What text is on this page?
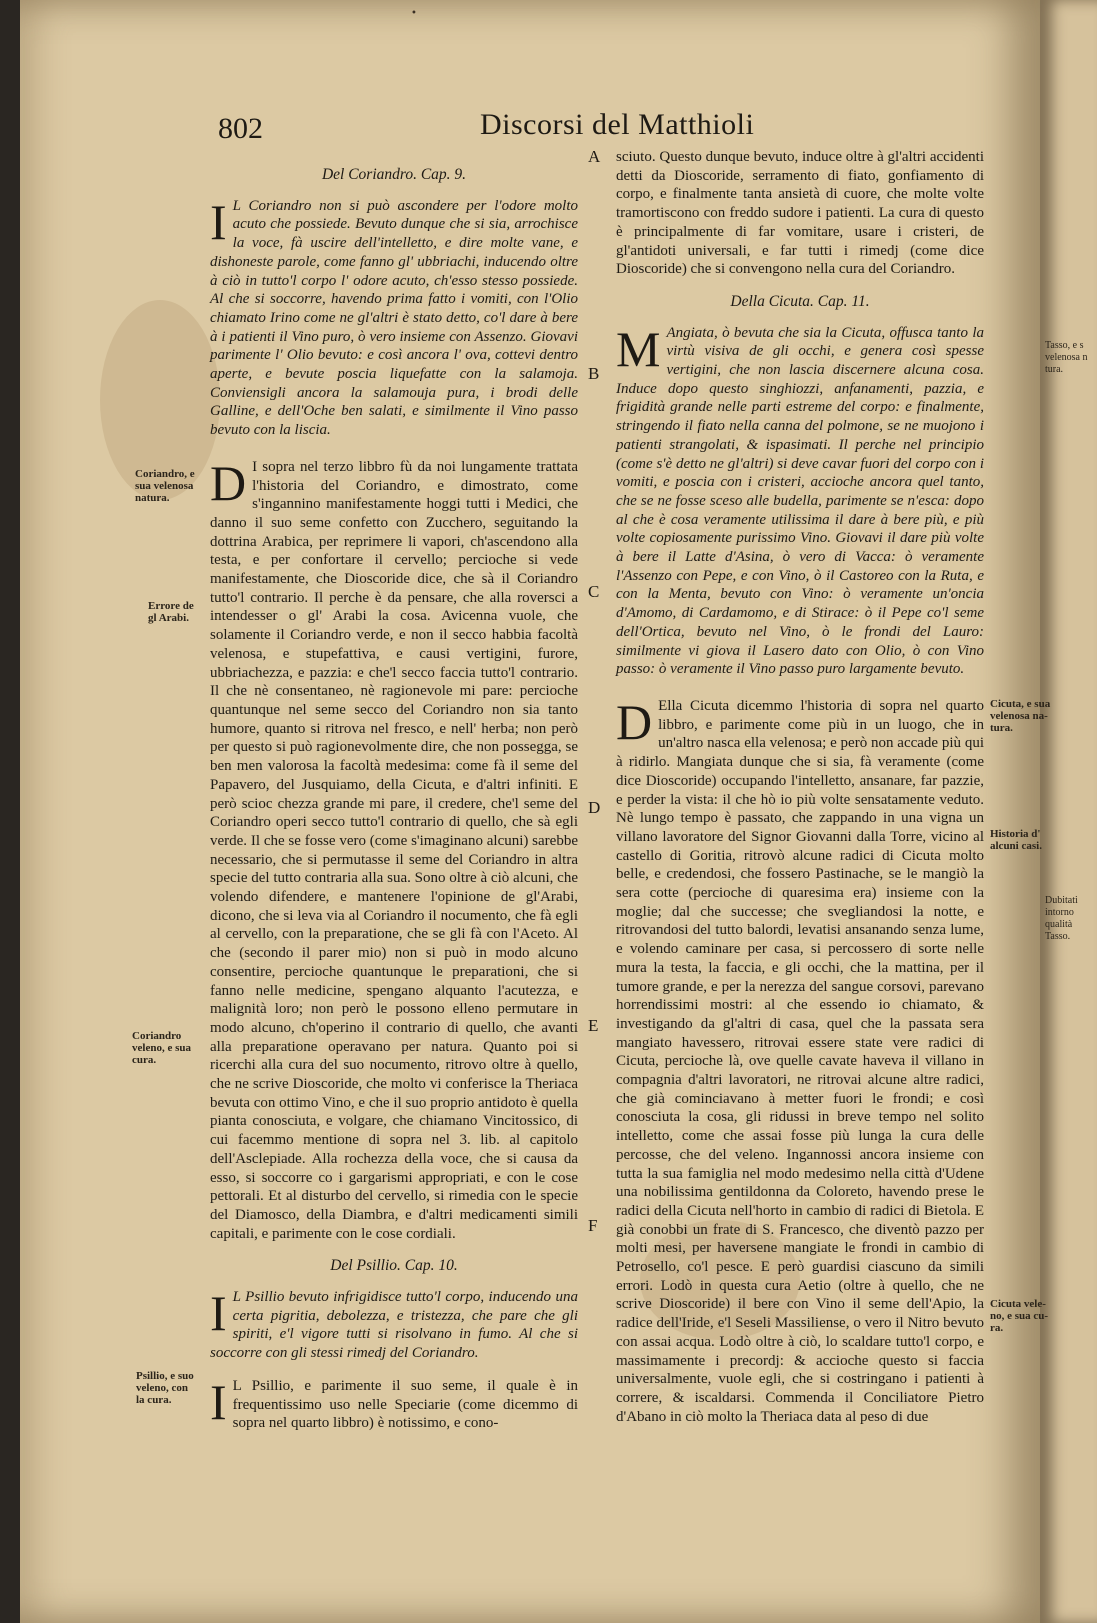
Tasso, e s
velenosa n
tura.
Dubitati
intorno
qualità
Tasso.
•
802	Discorsi del Matthioli
Del Coriandro. Cap. 9.

I L Coriandro non si può ascondere per l'odore molto acuto che possiede. Bevuto dunque che si sia, arrochisce la voce, fà uscire dell'intelletto, e dire molte vane, e dishoneste parole, come fanno gl' ubbriachi, inducendo oltre à ciò in tutto'l corpo l' odore acuto, ch'esso stesso possiede. Al che si soccorre, havendo prima fatto i vomiti, con l'Olio chiamato Irino come ne gl'altri è stato detto, co'l dare à bere à i patienti il Vino puro, ò vero insieme con Assenzo. Giovavi parimente l' Olio bevuto: e così ancora l' ova, cottevi dentro aperte, e bevute poscia liquefatte con la salamoja. Conviensigli ancora la salamouja pura, i brodi delle Galline, e dell'Oche ben salati, e similmente il Vino passo bevuto con la liscia.

D I sopra nel terzo libbro fù da noi lungamente trattata l'historia del Coriandro, e dimostrato, come s'ingannino manifestamente hoggi tutti i Medici, che danno il suo seme confetto con Zucchero, seguitando la dottrina Arabica, per reprimere li vapori, ch'ascendono alla testa, e per confortare il cervello; percioche si vede manifestamente, che Dioscoride dice, che sà il Coriandro tutto'l contrario. Il perche è da pensare, che alla roversci a intendesser o gl' Arabi la cosa. Avicenna vuole, che solamente il Coriandro verde, e non il secco habbia facoltà velenosa, e stupefattiva, e causi vertigini, furore, ubbriachezza, e pazzia: e che'l secco faccia tutto'l contrario. Il che nè consentaneo, nè ragionevole mi pare: percioche quantunque nel seme secco del Coriandro non sia tanto humore, quanto si ritrova nel fresco, e nell' herba; non però per questo si può ragionevolmente dire, che non possegga, se ben men valorosa la facoltà medesima: come fà il seme del Papavero, del Jusquiamo, della Cicuta, e d'altri infiniti. E però scioc chezza grande mi pare, il credere, che'l seme del Coriandro operi secco tutto'l contrario di quello, che sà egli verde. Il che se fosse vero (come s'imaginano alcuni) sarebbe necessario, che si permutasse il seme del Coriandro in altra specie del tutto contraria alla sua. Sono oltre à ciò alcuni, che volendo difendere, e mantenere l'opinione de gl'Arabi, dicono, che si leva via al Coriandro il nocumento, che fà egli al cervello, con la preparatione, che se gli fà con l'Aceto. Al che (secondo il parer mio) non si può in modo alcuno consentire, percioche quantunque le preparationi, che si fanno nelle medicine, spengano alquanto l'acutezza, e malignità loro; non però le possono elleno permutare in modo alcuno, ch'operino il contrario di quello, che avanti alla preparatione operavano per natura. Quanto poi si ricerchi alla cura del suo nocumento, ritrovo oltre à quello, che ne scrive Dioscoride, che molto vi conferisce la Theriaca bevuta con ottimo Vino, e che il suo proprio antidoto è quella pianta conosciuta, e volgare, che chiamano Vincitossico, di cui facemmo mentione di sopra nel 3. lib. al capitolo dell'Asclepiade. Alla rochezza della voce, che si causa da esso, si soccorre co i gargarismi appropriati, e con le cose pettorali. Et al disturbo del cervello, si rimedia con le specie del Diamosco, della Diambra, e d'altri medicamenti simili capitali, e parimente con le cose cordiali.

Del Psillio. Cap. 10.

I L Psillio bevuto infrigidisce tutto'l corpo, inducendo una certa pigritia, debolezza, e tristezza, che pare che gli spiriti, e'l vigore tutti si risolvano in fumo. Al che si soccorre con gli stessi rimedj del Coriandro.

I L Psillio, e parimente il suo seme, il quale è in frequentissimo uso nelle Speciarie (come dicemmo di sopra nel quarto libbro) è notissimo, e cono-

sciuto. Questo dunque bevuto, induce oltre à gl'altri accidenti detti da Dioscoride, serramento di fiato, gonfiamento di corpo, e finalmente tanta ansietà di cuore, che molte volte tramortiscono con freddo sudore i patienti. La cura di questo è principalmente di far vomitare, usare i cristeri, de gl'antidoti universali, e far tutti i rimedj (come dice Dioscoride) che si convengono nella cura del Coriandro.

Della Cicuta. Cap. 11.

M Angiata, ò bevuta che sia la Cicuta, offusca tanto la virtù visiva de gli occhi, e genera così spesse vertigini, che non lascia discernere alcuna cosa. Induce dopo questo singhiozzi, anfanamenti, pazzia, e frigidità grande nelle parti estreme del corpo: e finalmente, stringendo il fiato nella canna del polmone, se ne muojono i patienti strangolati, & ispasimati. Il perche nel principio (come s'è detto ne gl'altri) si deve cavar fuori del corpo con i vomiti, e poscia con i cristeri, accioche ancora quel tanto, che se ne fosse sceso alle budella, parimente se n'esca: dopo al che è cosa veramente utilissima il dare à bere più, e più volte copiosamente purissimo Vino. Giovavi il dare più volte à bere il Latte d'Asina, ò vero di Vacca: ò veramente l'Assenzo con Pepe, e con Vino, ò il Castoreo con la Ruta, e con la Menta, bevuto con Vino: ò veramente un'oncia d'Amomo, di Cardamomo, e di Stirace: ò il Pepe co'l seme dell'Ortica, bevuto nel Vino, ò le frondi del Lauro: similmente vi giova il Lasero dato con Olio, ò con Vino passo: ò veramente il Vino passo puro largamente bevuto.

D Ella Cicuta dicemmo l'historia di sopra nel quarto libbro, e parimente come più in un luogo, che in un'altro nasca ella velenosa; e però non accade più qui à ridirlo. Mangiata dunque che si sia, fà veramente (come dice Dioscoride) occupando l'intelletto, ansanare, far pazzie, e perder la vista: il che hò io più volte sensatamente veduto. Nè lungo tempo è passato, che zappando in una vigna un villano lavoratore del Signor Giovanni dalla Torre, vicino al castello di Goritia, ritrovò alcune radici di Cicuta molto belle, e credendosi, che fossero Pastinache, se le mangiò la sera cotte (percioche di quaresima era) insieme con la moglie; dal che successe; che svegliandosi la notte, e ritrovandosi del tutto balordi, levatisi ansanando senza lume, e volendo caminare per casa, si percossero di sorte nelle mura la testa, la faccia, e gli occhi, che la mattina, per il tumore grande, e per la nerezza del sangue corsovi, parevano horrendissimi mostri: al che essendo io chiamato, & investigando da gl'altri di casa, quel che la passata sera mangiato havessero, ritrovai essere state vere radici di Cicuta, percioche là, ove quelle cavate haveva il villano in compagnia d'altri lavoratori, ne ritrovai alcune altre radici, che già cominciavano à metter fuori le frondi; e così conosciuta la cosa, gli ridussi in breve tempo nel solito intelletto, come che assai fosse più lunga la cura delle percosse, che del veleno. Ingannossi ancora insieme con tutta la sua famiglia nel modo medesimo nella città d'Udene una nobilissima gentildonna da Coloreto, havendo prese le radici della Cicuta nell'horto in cambio di radici di Bietola. E già conobbi un frate di S. Francesco, che diventò pazzo per molti mesi, per haversene mangiate le frondi in cambio di Petrosello, co'l pesce. E però guardisi ciascuno da simili errori. Lodò in questa cura Aetio (oltre à quello, che ne scrive Dioscoride) il bere con Vino il seme dell'Apio, la radice dell'Iride, e'l Seseli Massiliense, o vero il Nitro bevuto con assai acqua. Lodò oltre à ciò, lo scaldare tutto'l corpo, e massimamente i precordj: & accioche questo si faccia universalmente, vuole egli, che si costringano i patienti à correre, & iscaldarsi. Commenda il Conciliatore Pietro d'Abano in ciò molto la Theriaca data al peso di due

Coriandro, e
sua velenosa
natura.
Errore de
gl Arabi.
Coriandro
veleno, e sua
cura.
Psillio, e suo
veleno, con
la cura.
Cicuta, e sua
velenosa na-
tura.
Historia d'
alcuni casi.
Cicuta vele-
no, e sua cu-
ra.
A
B
C
D
E
F
